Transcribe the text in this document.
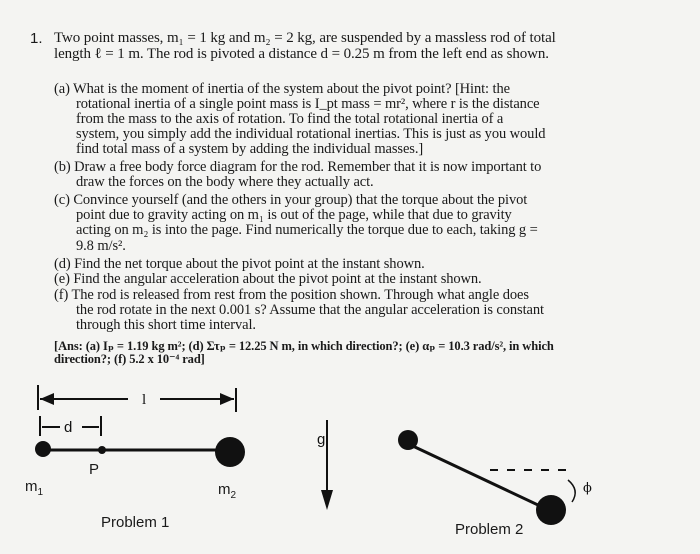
1. Two point masses, m₁ = 1 kg and m₂ = 2 kg, are suspended by a massless rod of total
length ℓ = 1 m. The rod is pivoted a distance d = 0.25 m from the left end as shown.
(a) What is the moment of inertia of the system about the pivot point? [Hint: the
rotational inertia of a single point mass is I_pt mass = mr², where r is the distance
from the mass to the axis of rotation. To find the total rotational inertia of a
system, you simply add the individual rotational inertias. This is just as you would
find total mass of a system by adding the individual masses.]
(b) Draw a free body force diagram for the rod. Remember that it is now important to
draw the forces on the body where they actually act.
(c) Convince yourself (and the others in your group) that the torque about the pivot
point due to gravity acting on m₁ is out of the page, while that due to gravity
acting on m₂ is into the page. Find numerically the torque due to each, taking g =
9.8 m/s².
(d) Find the net torque about the pivot point at the instant shown.
(e) Find the angular acceleration about the pivot point at the instant shown.
(f) The rod is released from rest from the position shown. Through what angle does
the rod rotate in the next 0.001 s? Assume that the angular acceleration is constant
through this short time interval.
[Ans: (a) Iₚ = 1.19 kg m²; (d) Στₚ = 12.25 N m, in which direction?; (e) αₚ = 10.3 rad/s², in which
direction?; (f) 5.2 x 10⁻⁴ rad]
l
d
g
ϕ
$m_1$
P
$m_2$
Problem 1	Problem 2
